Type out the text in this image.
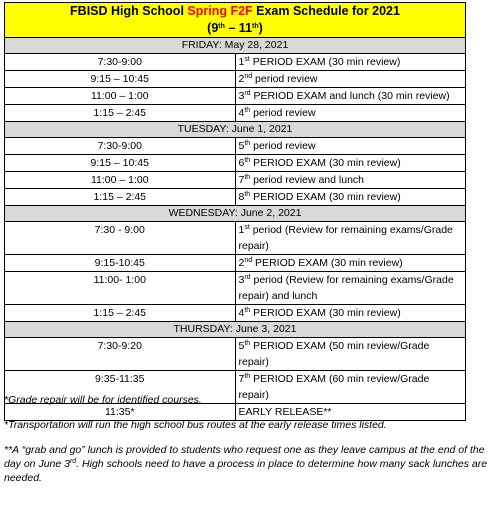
FBISD High School Spring F2F Exam Schedule for 2021
(9th – 11th)	
FRIDAY: May 28, 2021	
7:30-9:00	1st PERIOD EXAM (30 min review)
9:15 – 10:45	2nd period review
11:00 – 1:00	3rd PERIOD EXAM and lunch (30 min review)
1:15 – 2:45	4th period review
TUESDAY: June 1, 2021	
7:30-9:00	5th period review
9:15 – 10:45	6th PERIOD EXAM (30 min review)
11:00 – 1:00	7th period review and lunch
1:15 – 2:45	8th PERIOD EXAM (30 min review)
WEDNESDAY: June 2, 2021	
7:30 - 9:00	1st period (Review for remaining exams/Grade repair)
9:15-10:45	2nd PERIOD EXAM (30 min review)
11:00- 1:00	3rd period (Review for remaining exams/Grade repair) and lunch
1:15 – 2:45	4th PERIOD EXAM (30 min review)
THURSDAY: June 3, 2021	
7:30-9:20	5th PERIOD EXAM (50 min review/Grade repair)
9:35-11:35	7th PERIOD EXAM (60 min review/Grade repair)
11:35*	EARLY RELEASE**

*Grade repair will be for identified courses.

*Transportation will run the high school bus routes at the early release times listed.

**A “grab and go” lunch is provided to students who request one as they leave campus at the end of the day on June 3rd. High schools need to have a process in place to determine how many sack lunches are needed.
